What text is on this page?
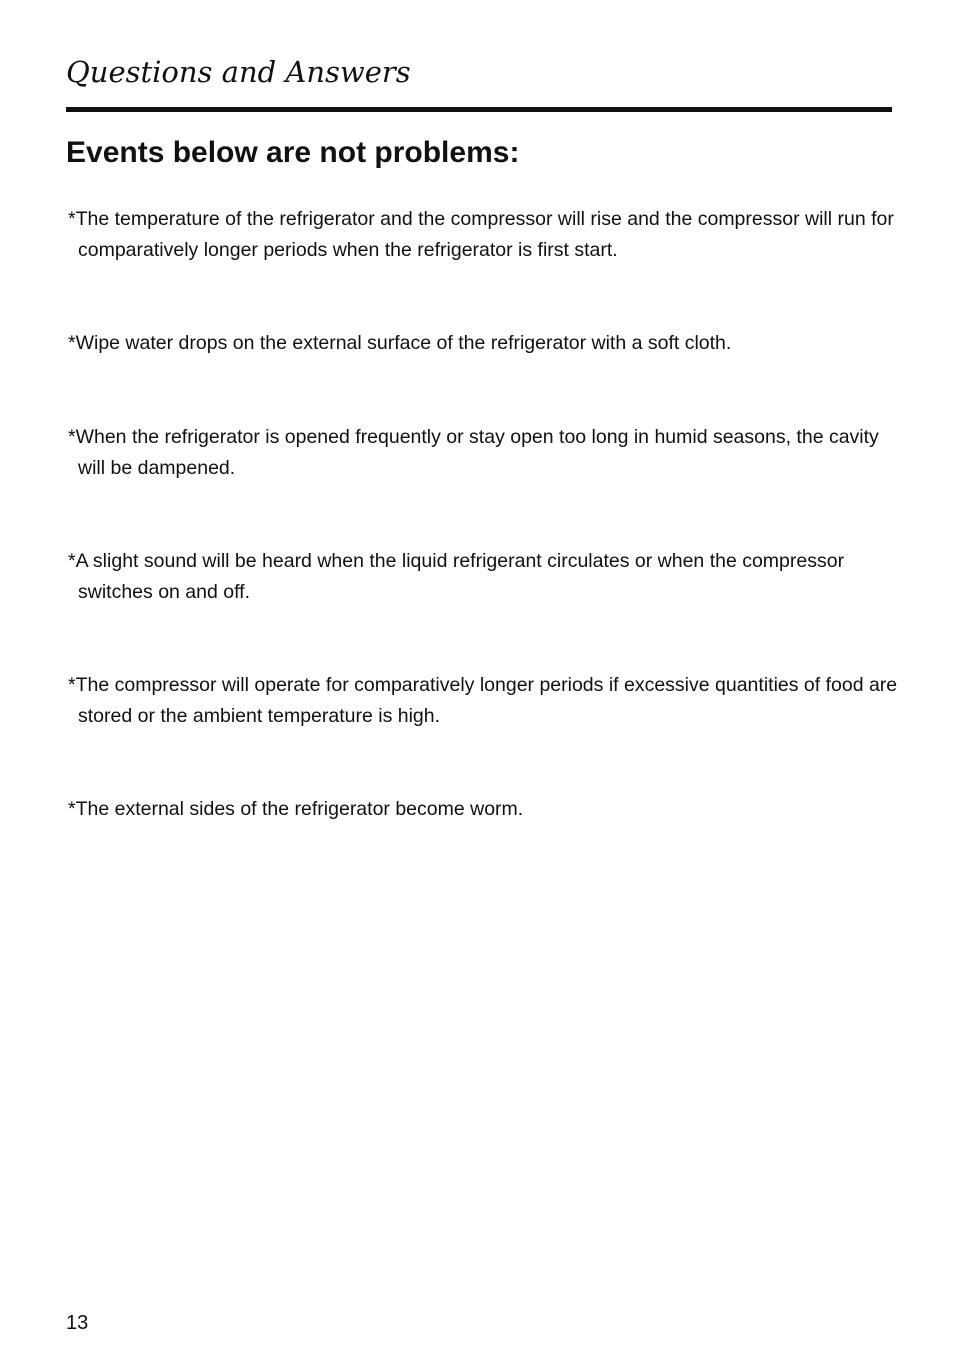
Questions and Answers
Events below are not problems:
*The temperature of the refrigerator and the compressor will rise and the compressor will run for comparatively longer periods when the refrigerator is first start.
*Wipe water drops on the external surface of the refrigerator with a soft cloth.
*When the refrigerator is opened frequently or stay open too long in humid seasons, the cavity will be dampened.
*A slight sound will be heard when the liquid refrigerant circulates or when the compressor switches on and off.
*The compressor will operate for comparatively longer periods if excessive quantities of food are stored or the ambient temperature is high.
*The external sides of the refrigerator become worm.
13
